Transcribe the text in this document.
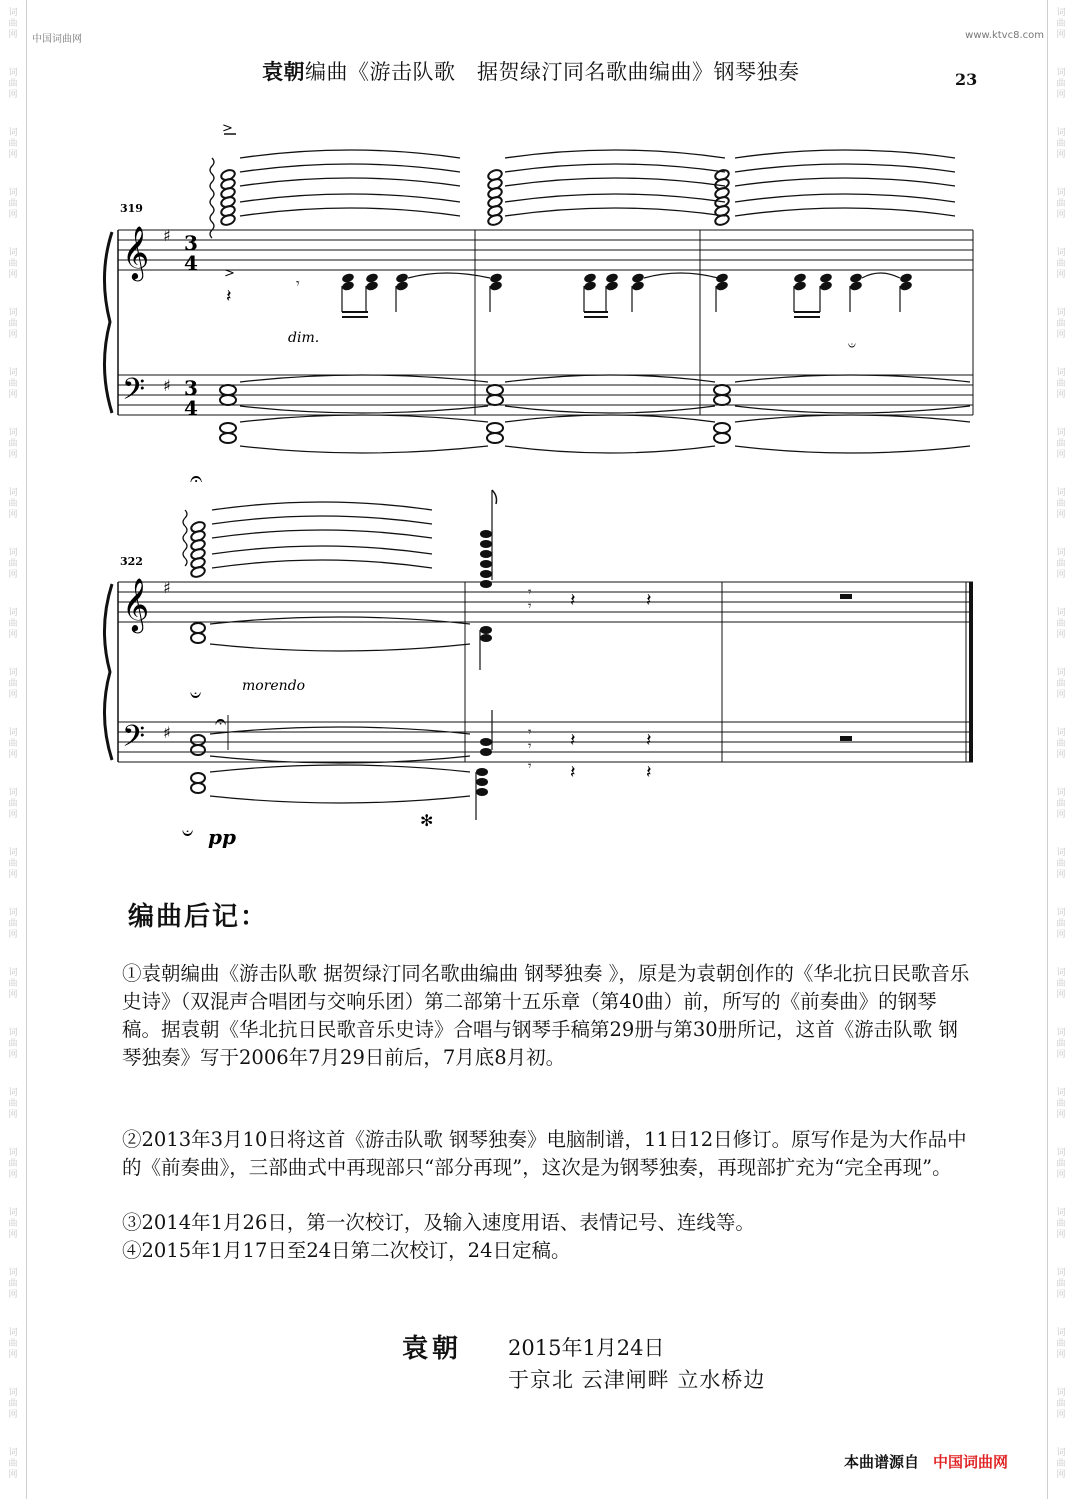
词
曲
网
词
曲
网
词
曲
网
词
曲
网
词
曲
网
词
曲
网
词
曲
网
词
曲
网
词
曲
网
词
曲
网
词
曲
网
词
曲
网
词
曲
网
词
曲
网
词
曲
网
词
曲
网
词
曲
网
词
曲
网
词
曲
网
词
曲
网
词
曲
网
词
曲
网
词
曲
网
词
曲
网
词
曲
网
词
曲
网
词
曲
网
词
曲
网
词
曲
网
词
曲
网
词
曲
网
词
曲
网
词
曲
网
词
曲
网
词
曲
网
词
曲
网
词
曲
网
词
曲
网
词
曲
网
词
曲
网
词
曲
网
词
曲
网
词
曲
网
词
曲
网
词
曲
网
词
曲
网
词
曲
网
词
曲
网
词
曲
网
词
曲
网
中国词曲网	www.ktvc8.com
袁朝编曲《游击队歌　据贺绿汀同名歌曲编曲》钢琴独奏	23
319
𝄞
𝄢
♯
♯
3
4
3
4
>
>
𝄽
𝄾
𝄑
dim.
322
𝄞
𝄢
♯
♯
𝄐
𝄑	morendo
𝄾
𝄾 𝄽	𝄽
𝄾
𝄾
𝄾
𝄽	𝄽
𝄽	𝄽
𝄐
✻
𝄑 pp
编曲后记：
①袁朝编曲《游击队歌 据贺绿汀同名歌曲编曲 钢琴独奏 》，原是为袁朝创作的《华北抗日民歌音乐史诗》（双混声合唱团与交响乐团）第二部第十五乐章（第40曲）前，所写的《前奏曲》的钢琴稿。据袁朝《华北抗日民歌音乐史诗》合唱与钢琴手稿第29册与第30册所记，这首《游击队歌 钢琴独奏》写于2006年7月29日前后，7月底8月初。
②2013年3月10日将这首《游击队歌 钢琴独奏》电脑制谱，11日12日修订。原写作是为大作品中的《前奏曲》，三部曲式中再现部只“部分再现”，这次是为钢琴独奏，再现部扩充为“完全再现”。
③2014年1月26日，第一次校订，及输入速度用语、表情记号、连线等。
④2015年1月17日至24日第二次校订，24日定稿。
袁朝 2015年1月24日
于京北 云津闸畔 立水桥边
本曲谱源自 中国词曲网
